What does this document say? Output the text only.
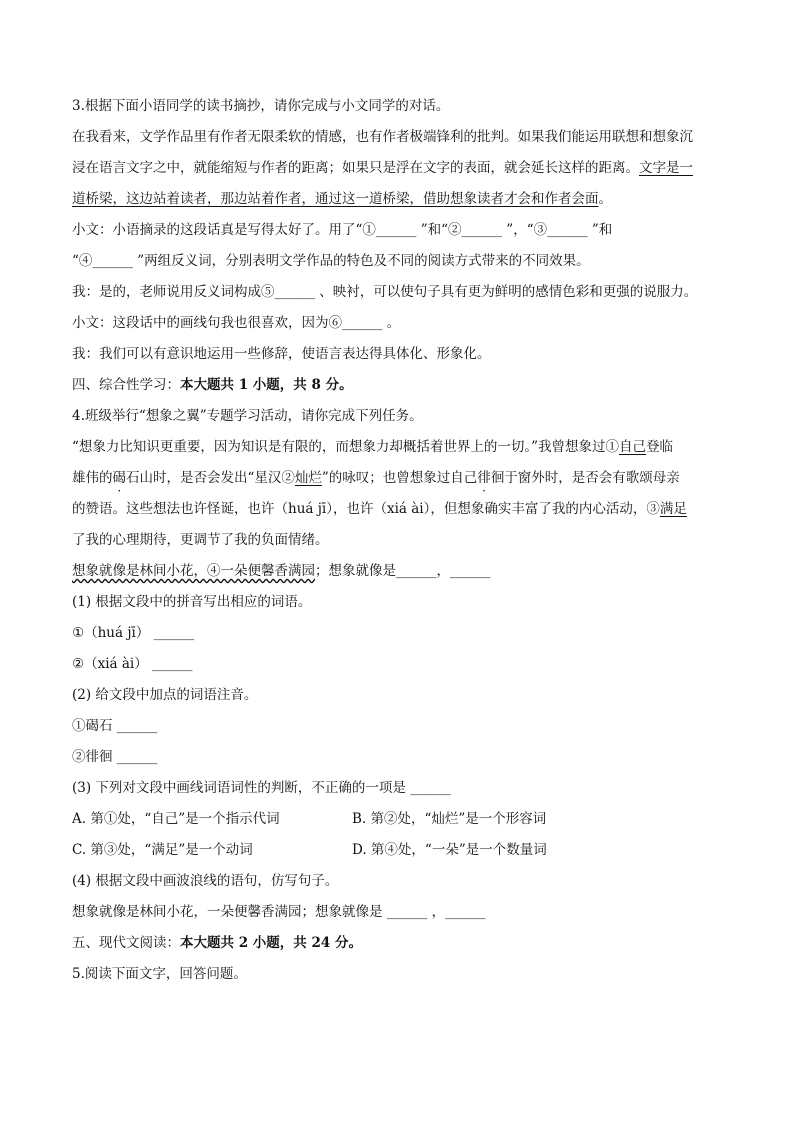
3.根据下面小语同学的读书摘抄，请你完成与小文同学的对话。

在我看来，文学作品里有作者无限柔软的情感，也有作者极端锋利的批判。如果我们能运用联想和想象沉

浸在语言文字之中，就能缩短与作者的距离；如果只是浮在文字的表面，就会延长这样的距离。文字是一

道桥梁，这边站着读者，那边站着作者，通过这一道桥梁，借助想象读者才会和作者会面。

小文：小语摘录的这段话真是写得太好了。用了“①______ ”和“②______ ”，“③______ ”和

“④______ ”两组反义词，分别表明文学作品的特色及不同的阅读方式带来的不同效果。

我：是的，老师说用反义词构成⑤______ 、映衬，可以使句子具有更为鲜明的感情色彩和更强的说服力。

小文：这段话中的画线句我也很喜欢，因为⑥______ 。

我：我们可以有意识地运用一些修辞，使语言表达得具体化、形象化。

四、综合性学习：本大题共 1 小题，共 8 分。

4.班级举行“想象之翼”专题学习活动，请你完成下列任务。

“想象力比知识更重要，因为知识是有限的，而想象力却概括着世界上的一切。”我曾想象过①自己登临

雄伟的碣石山时，是否会发出“星汉②灿烂”的咏叹；也曾想象过自己徘徊于窗外时，是否会有歌颂母亲

的赞语。这些想法也许怪诞，也许（huá jī），也许（xiá ài），但想象确实丰富了我的内心活动，③满足

了我的心理期待，更调节了我的负面情绪。

想象就像是林间小花，④一朵便馨香满园；想象就像是______，______

(1) 根据文段中的拼音写出相应的词语。

①（huá jī） ______

②（xiá ài） ______

(2) 给文段中加点的词语注音。

①碣石 ______

②徘徊 ______

(3) 下列对文段中画线词语词性的判断，不正确的一项是 ______

A. 第①处，“自己”是一个指示代词	B. 第②处，“灿烂”是一个形容词

C. 第③处，“满足”是一个动词	D. 第④处，“一朵”是一个数量词

(4) 根据文段中画波浪线的语句，仿写句子。

想象就像是林间小花，一朵便馨香满园；想象就像是 ______ ，______

五、现代文阅读：本大题共 2 小题，共 24 分。

5.阅读下面文字，回答问题。
